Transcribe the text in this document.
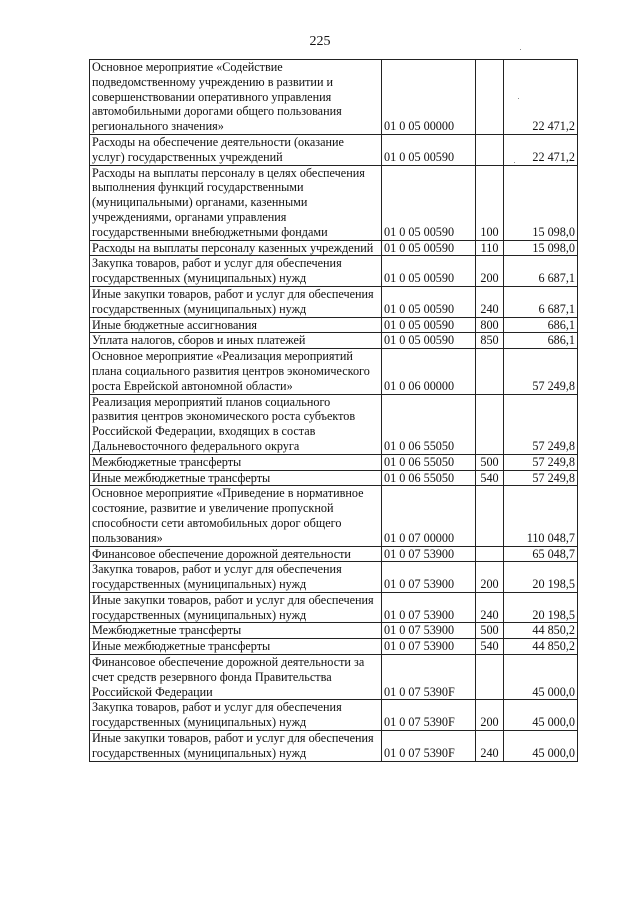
225
Основное мероприятие «Содействие подведомственному учреждению в развитии и совершенствовании оперативного управления автомобильными дорогами общего пользования регионального значения»	01 0 05 00000		22 471,2
Расходы на обеспечение деятельности (оказание услуг) государственных учреждений	01 0 05 00590		22 471,2
Расходы на выплаты персоналу в целях обеспечения выполнения функций государственными (муниципальными) органами, казенными учреждениями, органами управления государственными внебюджетными фондами	01 0 05 00590	100	15 098,0
Расходы на выплаты персоналу казенных учреждений	01 0 05 00590	110	15 098,0
Закупка товаров, работ и услуг для обеспечения государственных (муниципальных) нужд	01 0 05 00590	200	6 687,1
Иные закупки товаров, работ и услуг для обеспечения государственных (муниципальных) нужд	01 0 05 00590	240	6 687,1
Иные бюджетные ассигнования	01 0 05 00590	800	686,1
Уплата налогов, сборов и иных платежей	01 0 05 00590	850	686,1
Основное мероприятие «Реализация мероприятий плана социального развития центров экономического роста Еврейской автономной области»	01 0 06 00000		57 249,8
Реализация мероприятий планов социального развития центров экономического роста субъектов Российской Федерации, входящих в состав Дальневосточного федерального округа	01 0 06 55050		57 249,8
Межбюджетные трансферты	01 0 06 55050	500	57 249,8
Иные межбюджетные трансферты	01 0 06 55050	540	57 249,8
Основное мероприятие «Приведение в нормативное состояние, развитие и увеличение пропускной способности сети автомобильных дорог общего пользования»	01 0 07 00000		110 048,7
Финансовое обеспечение дорожной деятельности	01 0 07 53900		65 048,7
Закупка товаров, работ и услуг для обеспечения государственных (муниципальных) нужд	01 0 07 53900	200	20 198,5
Иные закупки товаров, работ и услуг для обеспечения государственных (муниципальных) нужд	01 0 07 53900	240	20 198,5
Межбюджетные трансферты	01 0 07 53900	500	44 850,2
Иные межбюджетные трансферты	01 0 07 53900	540	44 850,2
Финансовое обеспечение дорожной деятельности за счет средств резервного фонда Правительства Российской Федерации	01 0 07 5390F		45 000,0
Закупка товаров, работ и услуг для обеспечения государственных (муниципальных) нужд	01 0 07 5390F	200	45 000,0
Иные закупки товаров, работ и услуг для обеспечения государственных (муниципальных) нужд	01 0 07 5390F	240	45 000,0
